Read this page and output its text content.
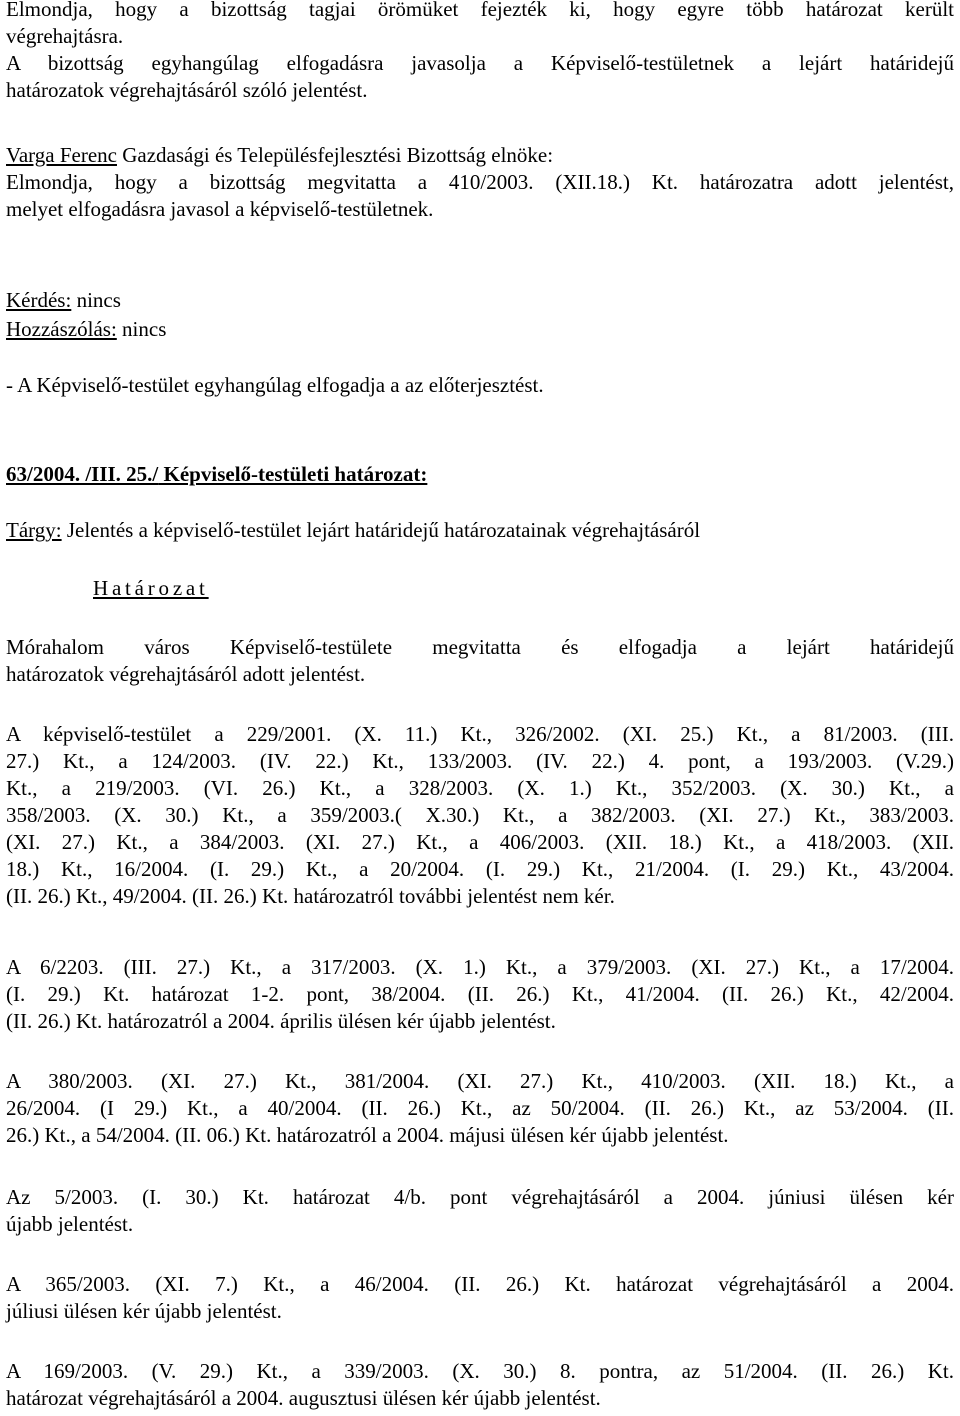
Elmondja, hogy a bizottság tagjai örömüket fejezték ki, hogy egyre több határozat került
végrehajtásra.
A bizottság egyhangúlag elfogadásra javasolja a Képviselő-testületnek a lejárt határidejű
határozatok végrehajtásáról szóló jelentést.
Varga Ferenc Gazdasági és Településfejlesztési Bizottság elnöke:
Elmondja, hogy a bizottság megvitatta a 410/2003. (XII.18.) Kt. határozatra adott jelentést,
melyet elfogadásra javasol a képviselő-testületnek.
Kérdés: nincs
Hozzászólás: nincs
- A Képviselő-testület egyhangúlag elfogadja a az előterjesztést.
63/2004. /III. 25./ Képviselő-testületi határozat:
Tárgy: Jelentés a képviselő-testület lejárt határidejű határozatainak végrehajtásáról
Határozat
Mórahalom város Képviselő-testülete megvitatta és elfogadja a lejárt határidejű
határozatok végrehajtásáról adott jelentést.
A képviselő-testület a 229/2001. (X. 11.) Kt., 326/2002. (XI. 25.) Kt., a 81/2003. (III.
27.) Kt., a 124/2003. (IV. 22.) Kt., 133/2003. (IV. 22.) 4. pont, a 193/2003. (V.29.)
Kt., a 219/2003. (VI. 26.) Kt., a 328/2003. (X. 1.) Kt., 352/2003. (X. 30.) Kt., a
358/2003. (X. 30.) Kt., a 359/2003.( X.30.) Kt., a 382/2003. (XI. 27.) Kt., 383/2003.
(XI. 27.) Kt., a 384/2003. (XI. 27.) Kt., a 406/2003. (XII. 18.) Kt., a 418/2003. (XII.
18.) Kt., 16/2004. (I. 29.) Kt., a 20/2004. (I. 29.) Kt., 21/2004. (I. 29.) Kt., 43/2004.
(II. 26.) Kt., 49/2004. (II. 26.) Kt. határozatról további jelentést nem kér.
A 6/2203. (III. 27.) Kt., a 317/2003. (X. 1.) Kt., a 379/2003. (XI. 27.) Kt., a 17/2004.
(I. 29.) Kt. határozat 1-2. pont, 38/2004. (II. 26.) Kt., 41/2004. (II. 26.) Kt., 42/2004.
(II. 26.) Kt. határozatról a 2004. április ülésen kér újabb jelentést.
A 380/2003. (XI. 27.) Kt., 381/2004. (XI. 27.) Kt., 410/2003. (XII. 18.) Kt., a
26/2004. (I 29.) Kt., a 40/2004. (II. 26.) Kt., az 50/2004. (II. 26.) Kt., az 53/2004. (II.
26.) Kt., a 54/2004. (II. 06.) Kt. határozatról a 2004. májusi ülésen kér újabb jelentést.
Az 5/2003. (I. 30.) Kt. határozat 4/b. pont végrehajtásáról a 2004. júniusi ülésen kér
újabb jelentést.
A 365/2003. (XI. 7.) Kt., a 46/2004. (II. 26.) Kt. határozat végrehajtásáról a 2004.
júliusi ülésen kér újabb jelentést.
A 169/2003. (V. 29.) Kt., a 339/2003. (X. 30.) 8. pontra, az 51/2004. (II. 26.) Kt.
határozat végrehajtásáról a 2004. augusztusi ülésen kér újabb jelentést.
